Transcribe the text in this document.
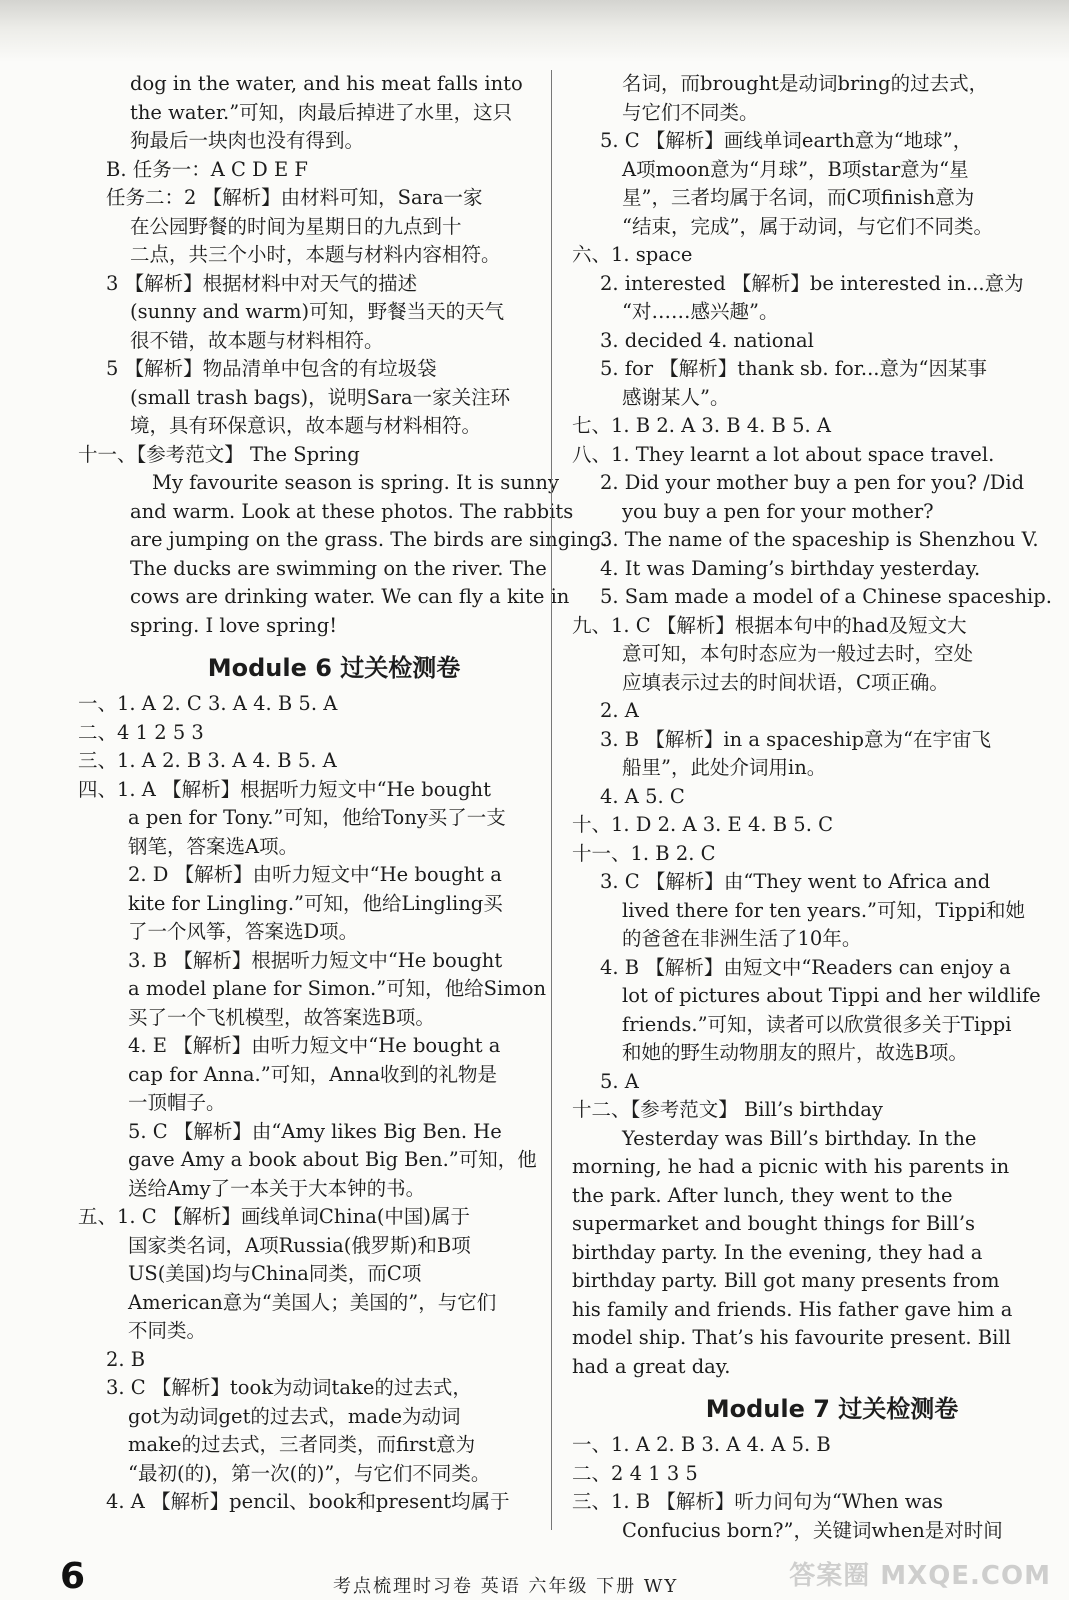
dog in the water, and his meat falls into
the water.”可知，肉最后掉进了水里，这只
狗最后一块肉也没有得到。
B. 任务一：A C D E F
任务二：2 【解析】由材料可知，Sara一家
在公园野餐的时间为星期日的九点到十
二点，共三个小时，本题与材料内容相符。
3 【解析】根据材料中对天气的描述
(sunny and warm)可知，野餐当天的天气
很不错，故本题与材料相符。
5 【解析】物品清单中包含的有垃圾袋
(small trash bags)，说明Sara一家关注环
境，具有环保意识，故本题与材料相符。
十一、【参考范文】 The Spring
My favourite season is spring. It is sunny
and warm. Look at these photos. The rabbits
are jumping on the grass. The birds are singing.
The ducks are swimming on the river. The
cows are drinking water. We can fly a kite in
spring. I love spring!
Module 6 过关检测卷
一、1. A 2. C 3. A 4. B 5. A
二、4 1 2 5 3
三、1. A 2. B 3. A 4. B 5. A
四、1. A 【解析】根据听力短文中“He bought
a pen for Tony.”可知，他给Tony买了一支
钢笔，答案选A项。
2. D 【解析】由听力短文中“He bought a
kite for Lingling.”可知，他给Lingling买
了一个风筝，答案选D项。
3. B 【解析】根据听力短文中“He bought
a model plane for Simon.”可知，他给Simon
买了一个飞机模型，故答案选B项。
4. E 【解析】由听力短文中“He bought a
cap for Anna.”可知，Anna收到的礼物是
一顶帽子。
5. C 【解析】由“Amy likes Big Ben. He
gave Amy a book about Big Ben.”可知，他
送给Amy了一本关于大本钟的书。
五、1. C 【解析】画线单词China(中国)属于
国家类名词，A项Russia(俄罗斯)和B项
US(美国)均与China同类，而C项
American意为“美国人；美国的”，与它们
不同类。
2. B
3. C 【解析】took为动词take的过去式，
got为动词get的过去式，made为动词
make的过去式，三者同类，而first意为
“最初(的)，第一次(的)”，与它们不同类。
4. A 【解析】pencil、book和present均属于
名词，而brought是动词bring的过去式，
与它们不同类。
5. C 【解析】画线单词earth意为“地球”，
A项moon意为“月球”，B项star意为“星
星”，三者均属于名词，而C项finish意为
“结束，完成”，属于动词，与它们不同类。
六、1. space
2. interested 【解析】be interested in...意为
“对……感兴趣”。
3. decided 4. national
5. for 【解析】thank sb. for...意为“因某事
感谢某人”。
七、1. B 2. A 3. B 4. B 5. A
八、1. They learnt a lot about space travel.
2. Did your mother buy a pen for you? /Did
you buy a pen for your mother?
3. The name of the spaceship is Shenzhou V.
4. It was Daming’s birthday yesterday.
5. Sam made a model of a Chinese spaceship.
九、1. C 【解析】根据本句中的had及短文大
意可知，本句时态应为一般过去时，空处
应填表示过去的时间状语，C项正确。
2. A
3. B 【解析】in a spaceship意为“在宇宙飞
船里”，此处介词用in。
4. A 5. C
十、1. D 2. A 3. E 4. B 5. C
十一、1. B 2. C
3. C 【解析】由“They went to Africa and
lived there for ten years.”可知，Tippi和她
的爸爸在非洲生活了10年。
4. B 【解析】由短文中“Readers can enjoy a
lot of pictures about Tippi and her wildlife
friends.”可知，读者可以欣赏很多关于Tippi
和她的野生动物朋友的照片，故选B项。
5. A
十二、【参考范文】 Bill’s birthday
Yesterday was Bill’s birthday. In the
morning, he had a picnic with his parents in
the park. After lunch, they went to the
supermarket and bought things for Bill’s
birthday party. In the evening, they had a
birthday party. Bill got many presents from
his family and friends. His father gave him a
model ship. That’s his favourite present. Bill
had a great day.
Module 7 过关检测卷
一、1. A 2. B 3. A 4. A 5. B
二、2 4 1 3 5
三、1. B 【解析】听力问句为“When was
Confucius born?”，关键词when是对时间
6	考点梳理时习卷 英语 六年级 下册 WY	答案圈 MXQE.COM
